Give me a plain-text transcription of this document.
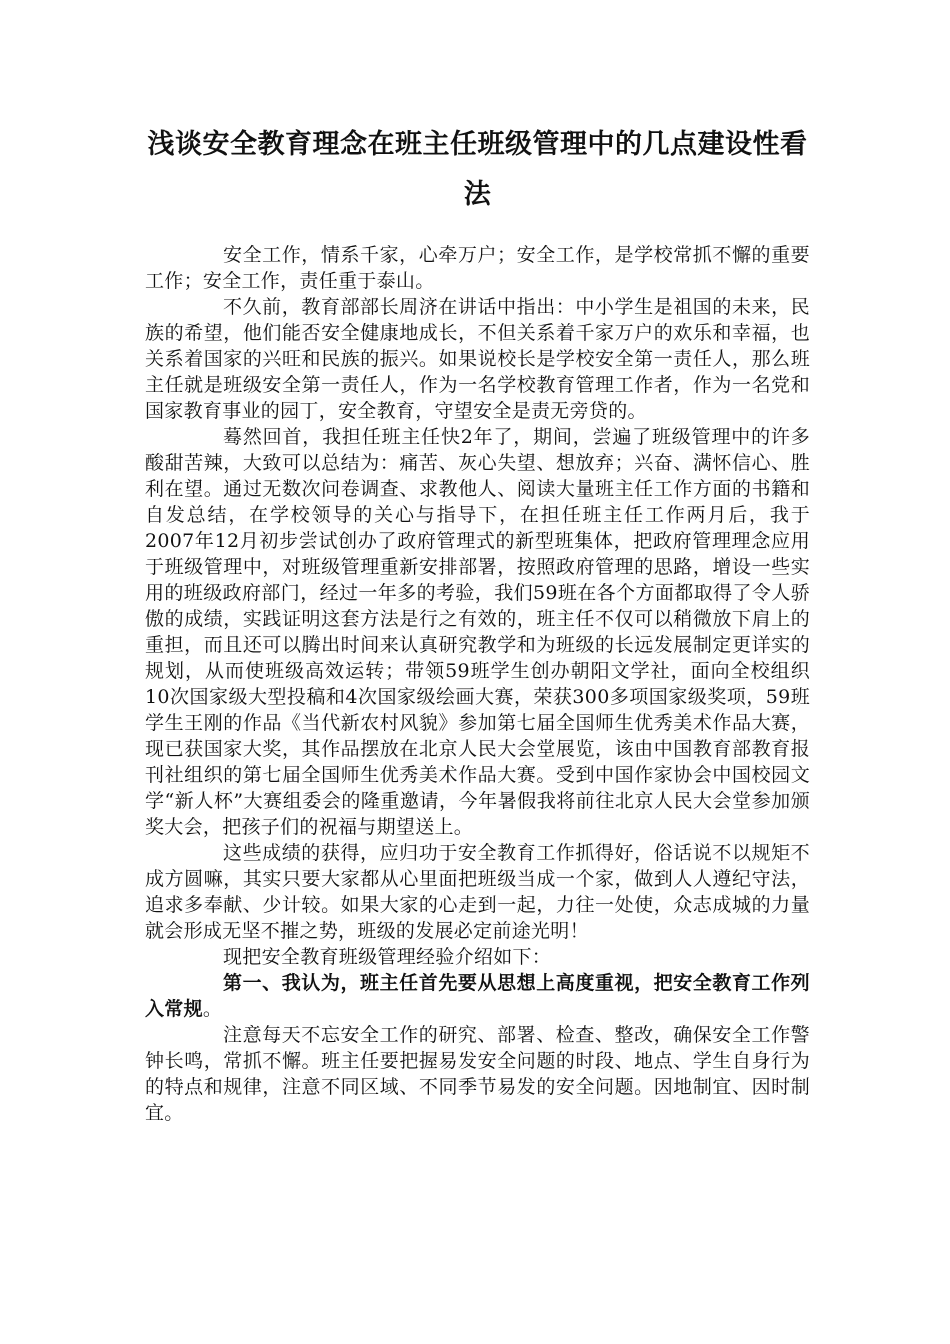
浅谈安全教育理念在班主任班级管理中的几点建设性看法

安全工作，情系千家，心牵万户；安全工作，是学校常抓不懈的重要工作；安全工作，责任重于泰山。

不久前，教育部部长周济在讲话中指出：中小学生是祖国的未来，民族的希望，他们能否安全健康地成长，不但关系着千家万户的欢乐和幸福，也关系着国家的兴旺和民族的振兴。如果说校长是学校安全第一责任人，那么班主任就是班级安全第一责任人，作为一名学校教育管理工作者，作为一名党和国家教育事业的园丁，安全教育，守望安全是责无旁贷的。

蓦然回首，我担任班主任快2年了，期间，尝遍了班级管理中的许多酸甜苦辣，大致可以总结为：痛苦、灰心失望、想放弃；兴奋、满怀信心、胜利在望。通过无数次问卷调查、求教他人、阅读大量班主任工作方面的书籍和自发总结，在学校领导的关心与指导下，在担任班主任工作两月后，我于2007年12月初步尝试创办了政府管理式的新型班集体，把政府管理理念应用于班级管理中，对班级管理重新安排部署，按照政府管理的思路，增设一些实用的班级政府部门，经过一年多的考验，我们59班在各个方面都取得了令人骄傲的成绩，实践证明这套方法是行之有效的，班主任不仅可以稍微放下肩上的重担，而且还可以腾出时间来认真研究教学和为班级的长远发展制定更详实的规划，从而使班级高效运转；带领59班学生创办朝阳文学社，面向全校组织10次国家级大型投稿和4次国家级绘画大赛，荣获300多项国家级奖项，59班学生王刚的作品《当代新农村风貌》参加第七届全国师生优秀美术作品大赛，现已获国家大奖，其作品摆放在北京人民大会堂展览，该由中国教育部教育报刊社组织的第七届全国师生优秀美术作品大赛。受到中国作家协会中国校园文学“新人杯”大赛组委会的隆重邀请，今年暑假我将前往北京人民大会堂参加颁奖大会，把孩子们的祝福与期望送上。

这些成绩的获得，应归功于安全教育工作抓得好，俗话说不以规矩不成方圆嘛，其实只要大家都从心里面把班级当成一个家，做到人人遵纪守法，追求多奉献、少计较。如果大家的心走到一起，力往一处使，众志成城的力量就会形成无坚不摧之势，班级的发展必定前途光明！

现把安全教育班级管理经验介绍如下：

第一、我认为，班主任首先要从思想上高度重视，把安全教育工作列入常规。

注意每天不忘安全工作的研究、部署、检查、整改，确保安全工作警钟长鸣，常抓不懈。班主任要把握易发安全问题的时段、地点、学生自身行为的特点和规律，注意不同区域、不同季节易发的安全问题。因地制宜、因时制宜。
